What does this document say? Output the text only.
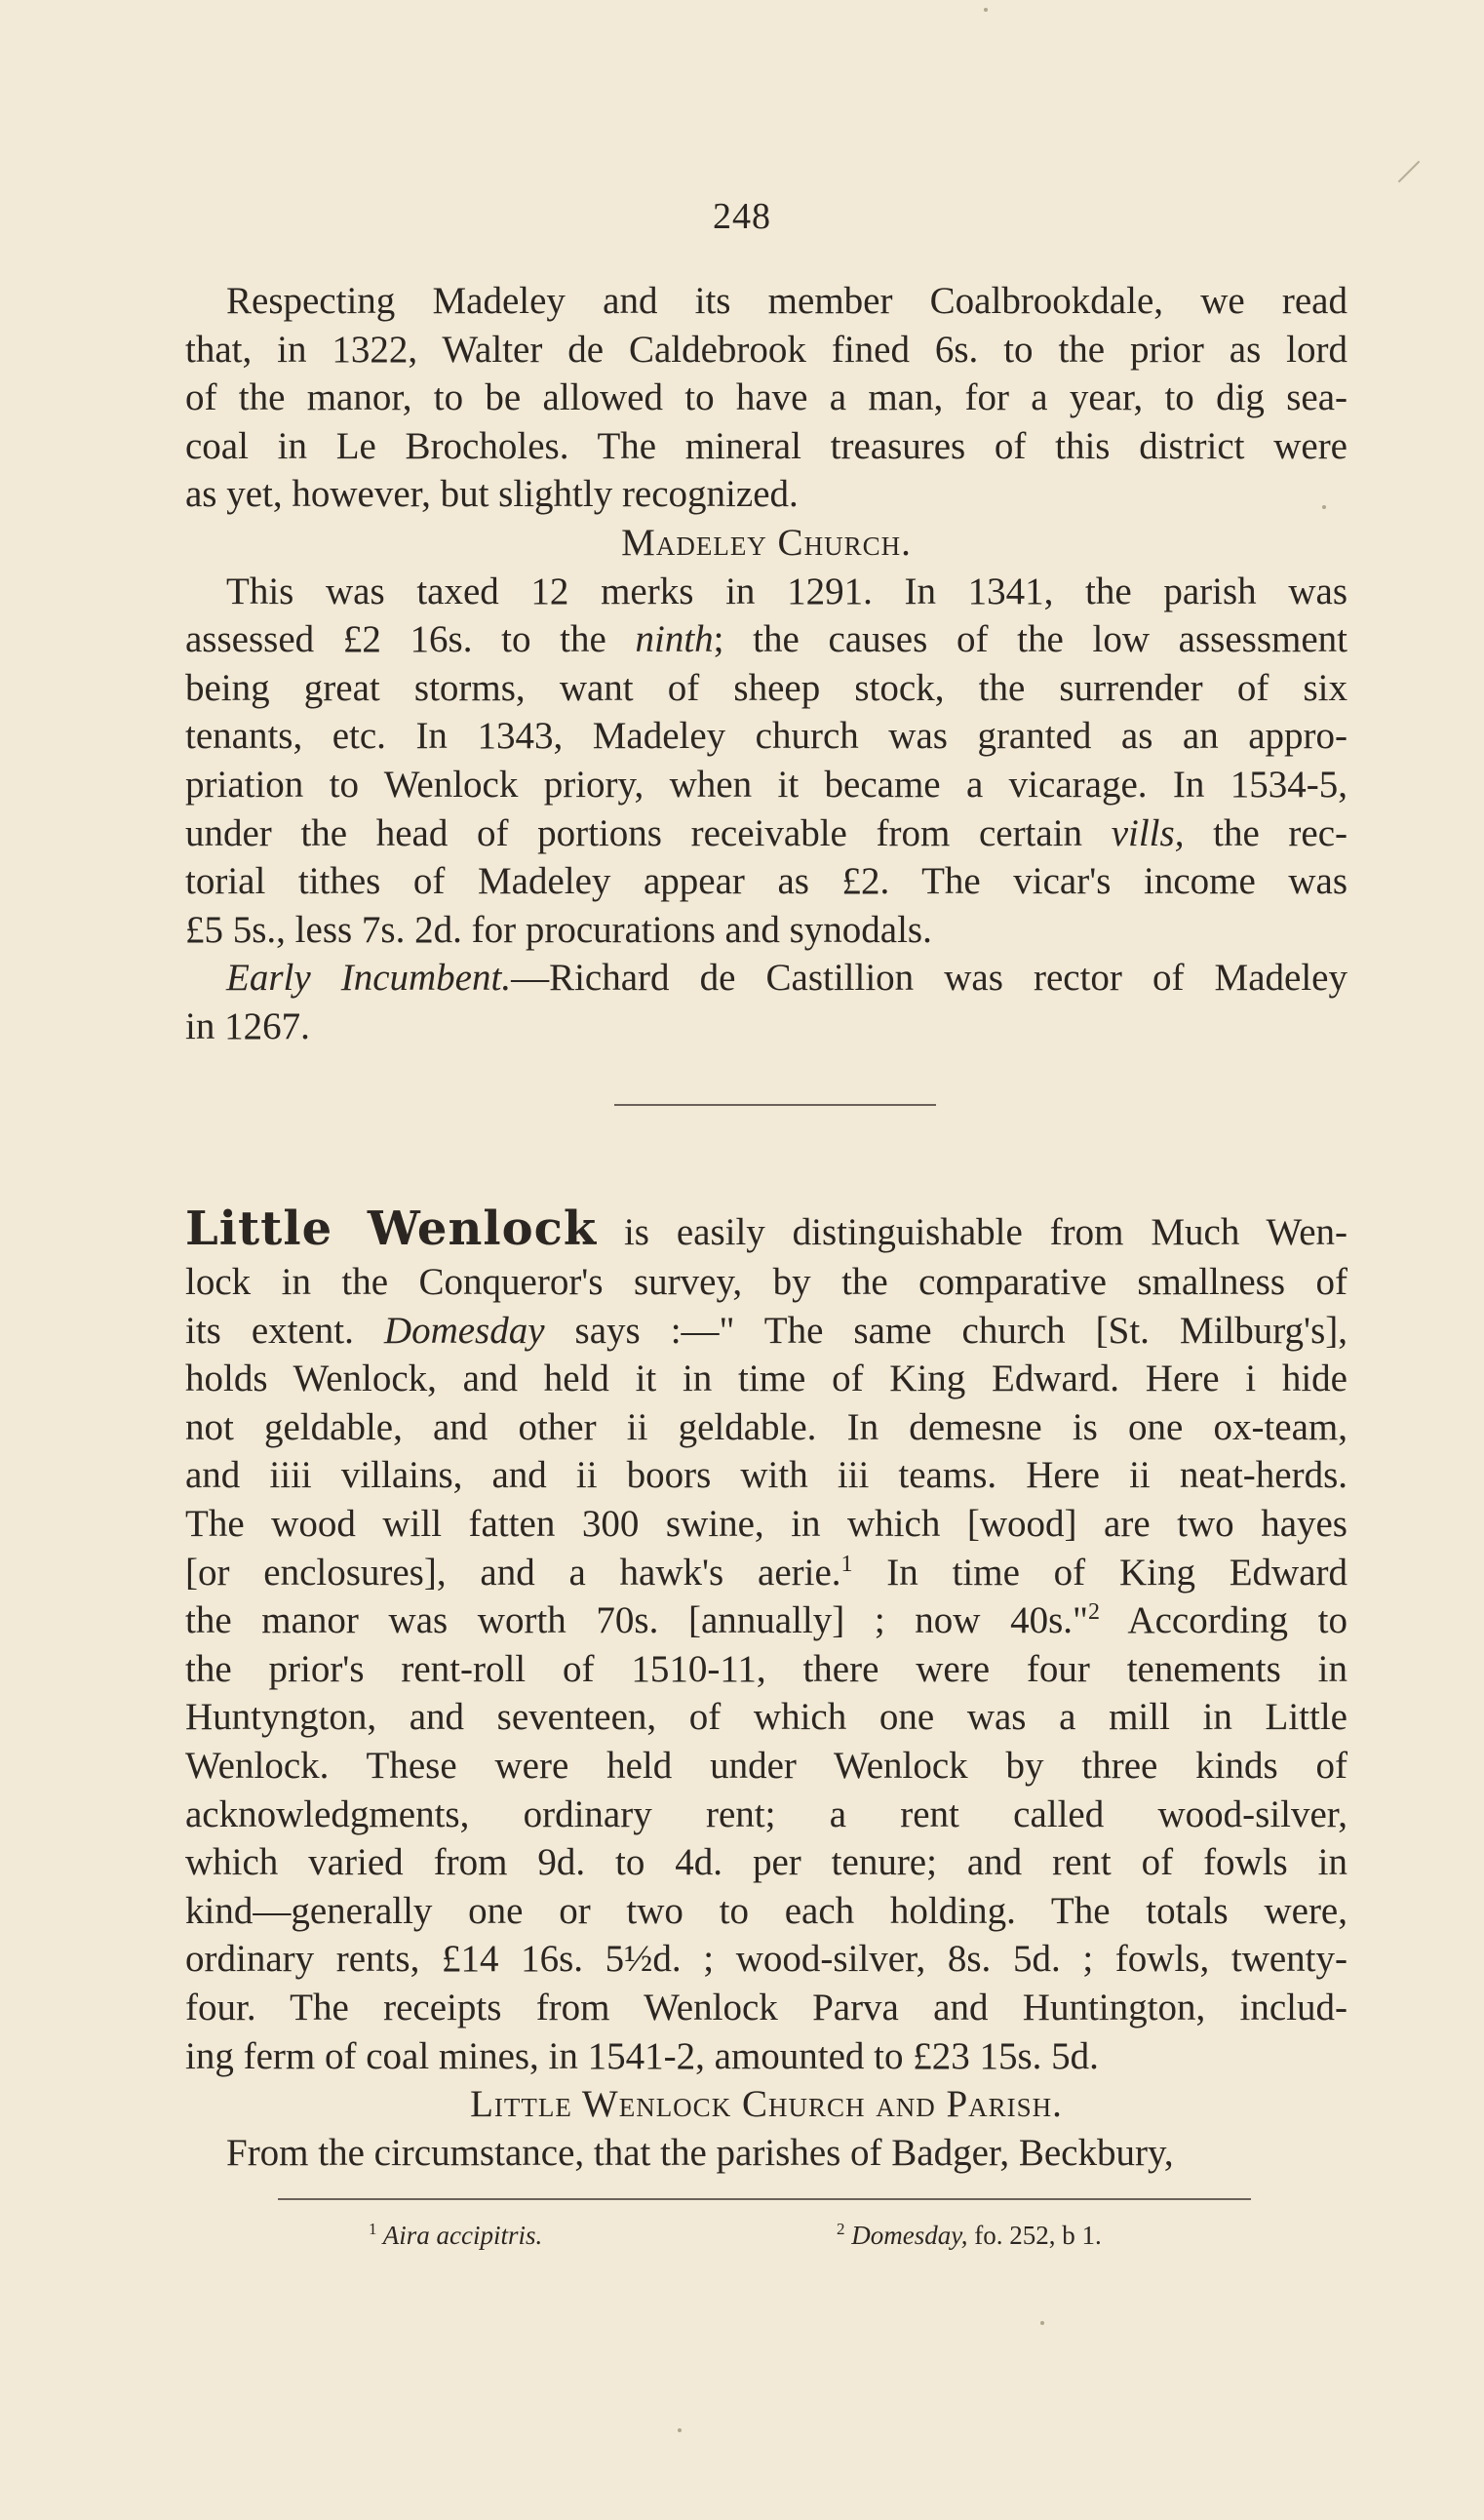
248
Respecting Madeley and its member Coalbrookdale, we read
that, in 1322, Walter de Caldebrook fined 6s. to the prior as lord
of the manor, to be allowed to have a man, for a year, to dig sea-
coal in Le Brocholes. The mineral treasures of this district were
as yet, however, but slightly recognized.
Madeley Church.
This was taxed 12 merks in 1291. In 1341, the parish was
assessed £2 16s. to the ninth; the causes of the low assessment
being great storms, want of sheep stock, the surrender of six
tenants, etc. In 1343, Madeley church was granted as an appro-
priation to Wenlock priory, when it became a vicarage. In 1534-5,
under the head of portions receivable from certain vills, the rec-
torial tithes of Madeley appear as £2. The vicar's income was
£5 5s., less 7s. 2d. for procurations and synodals.
Early Incumbent.—Richard de Castillion was rector of Madeley
in 1267.
Little Wenlock is easily distinguishable from Much Wen-
lock in the Conqueror's survey, by the comparative smallness of
its extent. Domesday says :—" The same church [St. Milburg's],
holds Wenlock, and held it in time of King Edward. Here i hide
not geldable, and other ii geldable. In demesne is one ox-team,
and iiii villains, and ii boors with iii teams. Here ii neat-herds.
The wood will fatten 300 swine, in which [wood] are two hayes
[or enclosures], and a hawk's aerie.$^1$ In time of King Edward
the manor was worth 70s. [annually] ; now 40s."$^2$ According to
the prior's rent-roll of 1510-11, there were four tenements in
Huntyngton, and seventeen, of which one was a mill in Little
Wenlock. These were held under Wenlock by three kinds of
acknowledgments, ordinary rent; a rent called wood-silver,
which varied from 9d. to 4d. per tenure; and rent of fowls in
kind—generally one or two to each holding. The totals were,
ordinary rents, £14 16s. 5½d. ; wood-silver, 8s. 5d. ; fowls, twenty-
four. The receipts from Wenlock Parva and Huntington, includ-
ing ferm of coal mines, in 1541-2, amounted to £23 15s. 5d.
Little Wenlock Church and Parish.
From the circumstance, that the parishes of Badger, Beckbury,
$^1$ Aira accipitris.	$^2$ Domesday, fo. 252, b 1.
